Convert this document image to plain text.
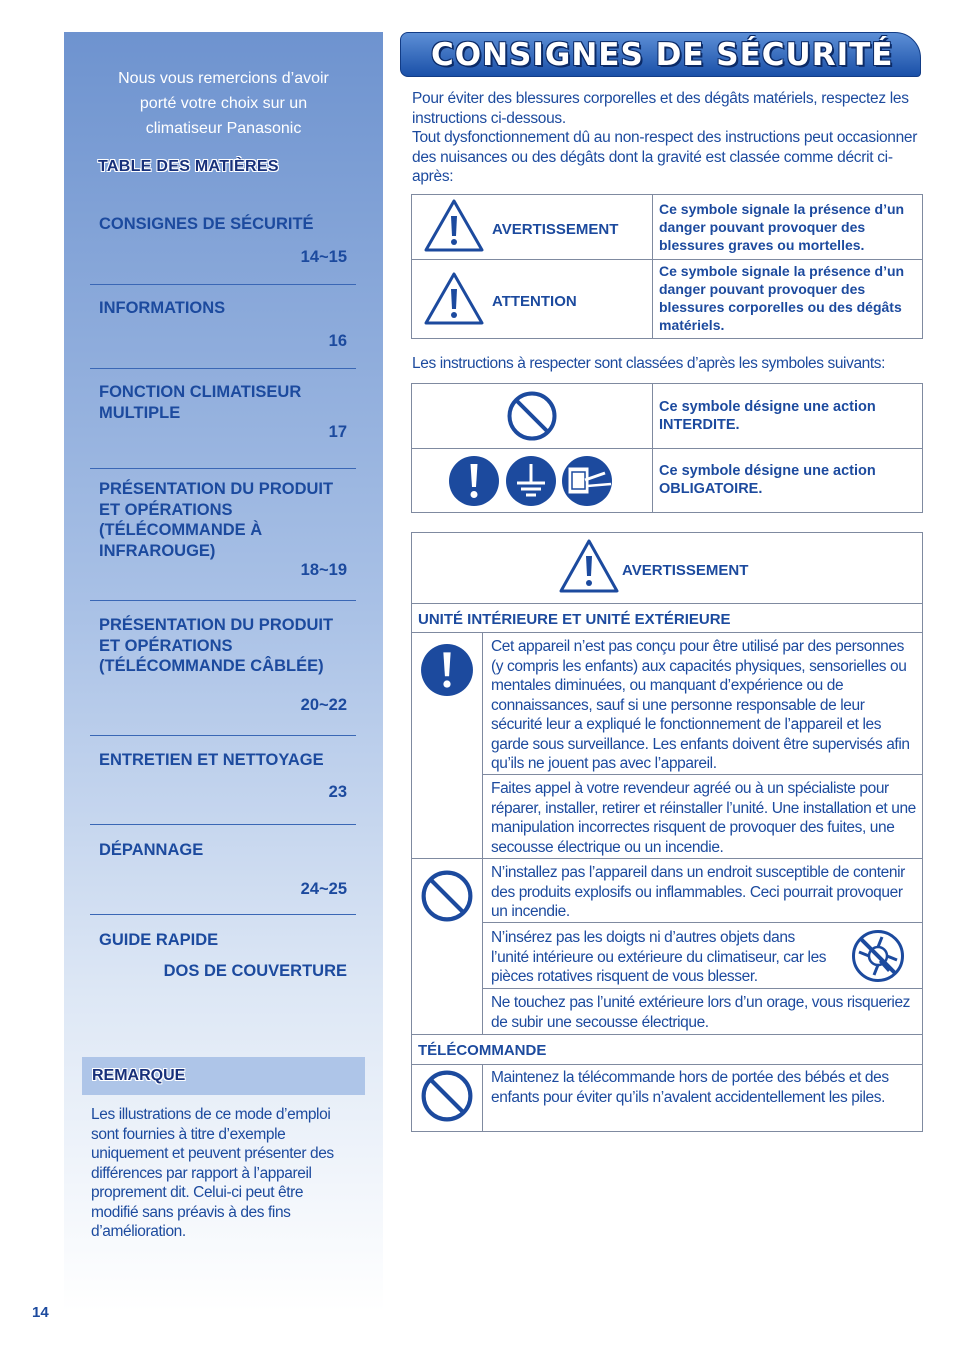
Nous vous remercions d’avoir
porté votre choix sur un
climatiseur Panasonic
TABLE DES MATIÈRES
CONSIGNES DE SÉCURITÉ
14~15
INFORMATIONS
16
FONCTION CLIMATISEUR MULTIPLE
17
PRÉSENTATION DU PRODUIT ET OPÉRATIONS (TÉLÉCOMMANDE À INFRAROUGE)
18~19
PRÉSENTATION DU PRODUIT ET OPÉRATIONS (TÉLÉCOMMANDE CÂBLÉE)
20~22
ENTRETIEN ET NETTOYAGE
23
DÉPANNAGE
24~25
GUIDE RAPIDE
DOS DE COUVERTURE
REMARQUE
Les illustrations de ce mode d’emploi sont fournies à titre d’exemple uniquement et peuvent présenter des différences par rapport à l’appareil proprement dit. Celui-ci peut être modifié sans préavis à des fins d’amélioration.
14
CONSIGNES DE SÉCURITÉ
Pour éviter des blessures corporelles et des dégâts matériels, respectez les instructions ci-dessous.
Tout dysfonctionnement dû au non-respect des instructions peut occasionner des nuisances ou des dégâts dont la gravité est classée comme décrit ci-après:
AVERTISSEMENT
Ce symbole signale la présence d’un danger pouvant provoquer des blessures graves ou mortelles.
ATTENTION
Ce symbole signale la présence d’un danger pouvant provoquer des blessures corporelles ou des dégâts matériels.
Les instructions à respecter sont classées d’après les symboles suivants:
Ce symbole désigne une action INTERDITE.
Ce symbole désigne une action OBLIGATOIRE.
AVERTISSEMENT
UNITÉ INTÉRIEURE ET UNITÉ EXTÉRIEURE
Cet appareil n’est pas conçu pour être utilisé par des personnes (y compris les enfants) aux capacités physiques, sensorielles ou mentales diminuées, ou manquant d’expérience ou de connaissances, sauf si une personne responsable de leur sécurité leur a expliqué le fonctionnement de l’appareil et les garde sous surveillance. Les enfants doivent être supervisés afin qu’ils ne jouent pas avec l’appareil.
Faites appel à votre revendeur agréé ou à un spécialiste pour réparer, installer, retirer et réinstaller l’unité. Une installation et une manipulation incorrectes risquent de provoquer des fuites, une secousse électrique ou un incendie.
N’installez pas l’appareil dans un endroit susceptible de contenir des produits explosifs ou inflammables. Ceci pourrait provoquer un incendie.
N’insérez pas les doigts ni d’autres objets dans l’unité intérieure ou extérieure du climatiseur, car les pièces rotatives risquent de vous blesser.
Ne touchez pas l’unité extérieure lors d’un orage, vous risqueriez de subir une secousse électrique.
TÉLÉCOMMANDE
Maintenez la télécommande hors de portée des bébés et des enfants pour éviter qu’ils n’avalent accidentellement les piles.
